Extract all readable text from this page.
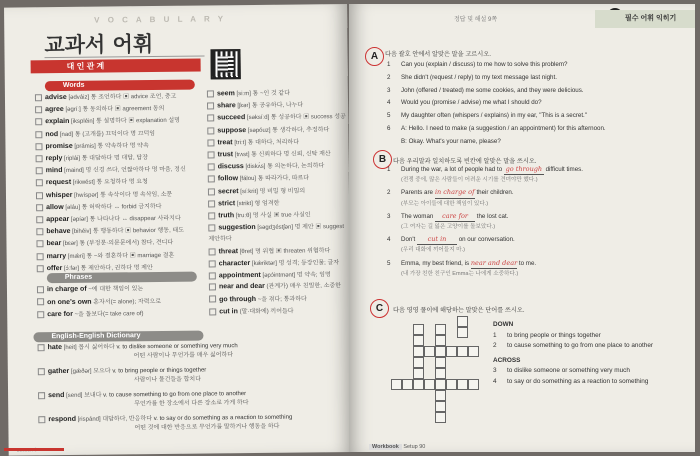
V O C A B U L A R Y
교과서 어휘
대 인 관 계
Words
advise [ədváiz] 통 조언하다 ▣ advice 조언, 충고
agree [əgríː] 통 동의하다 ▣ agreement 동의
explain [ikspléin] 통 설명하다 ▣ explanation 설명
nod [nad] 통 (고개를) 끄덕이다 명 끄덕임
promise [prámis] 통 약속하다 명 약속
reply [riplái] 통 대답하다 명 대답, 답장
mind [maind] 명 신경 쓰다, 언짢아하다 명 마음, 정신
request [rikwést] 통 요청하다 명 요청
whisper [hwíspər] 통 속삭이다 명 속삭임, 소문
allow [əláu] 통 허락하다 ↔ forbid 금지하다
appear [əpíər] 통 나타나다 ↔ disappear 사라지다
behave [bihéiv] 통 행동하다 ▣ behavior 행동, 태도
bear [bɛər] 통 (부정문·의문문에서) 참다, 견디다
marry [mǽri] 통 ~와 결혼하다 ▣ marriage 결혼
offer [ɔ́ːfər] 통 제안하다, 권하다 명 제안
seem [siːm] 통 ~인 것 같다
share [ʃɛər] 통 공유하다, 나누다
succeed [səksíːd] 통 성공하다 ▣ success 성공
suppose [səpóuz] 통 생각하다, 추정하다
treat [triːt] 통 대하다, 처리하다
trust [trʌst] 통 신뢰하다 명 신뢰, 신탁 재산
discuss [diskʌ́s] 통 의논하다, 논의하다
follow [fálou] 통 따라가다, 따르다
secret [síːkrit] 명 비밀 형 비밀의
strict [strikt] 형 엄격한
truth [truːθ] 명 사실 ▣ true 사실인
suggestion [səgdʒéstʃən] 명 제안 ▣ suggest 제안하다
threat [θret] 명 위협 ▣ threaten 위협하다
character [kǽriktər] 명 성격; 등장인물; 글자
appointment [əpɔ́intmənt] 명 약속; 임명
Phrases
in charge of ~에 대한 책임이 있는
on one's own 혼자서(= alone); 자력으로
care for ~을 돌보다(= take care of)
near and dear (관계가) 매우 친밀한, 소중한
go through ~을 겪다; 통과하다
cut in (말·대화에) 끼어들다
English-English Dictionary
hate [heit] 몹시 싫어하다 v. to dislike someone or something very much
어떤 사람이나 무언가를 매우 싫어하다
gather [gǽðər] 모으다 v. to bring people or things together
사람이나 물건들을 합치다
send [send] 보내다 v. to cause something to go from one place to another
무언가를 한 장소에서 다른 장소로 가게 하다
respond [rispánd] 대답하다, 반응하다 v. to say or do something as a reaction to something
어떤 것에 대한 반응으로 무언가를 말하거나 행동을 하다
정답 및 해설 9쪽	필수 어휘 익히기
A	다음 괄호 안에서 알맞은 말을 고르시오.
1 Can you (explain / discuss) to me how to solve this problem?
2 She didn't (request / reply) to my text message last night.
3 John (offered / treated) me some cookies, and they were delicious.
4 Would you (promise / advise) me what I should do?
5 My daughter often (whispers / explains) in my ear, "This is a secret."
6 A: Hello. I need to make (a suggestion / an appointment) for this afternoon.
B: Okay. What's your name, please?
B	다음 우리말과 일치하도록 빈칸에 알맞은 말을 쓰시오.
1 During the war, a lot of people had to go through difficult times.
(전쟁 중에, 많은 사람들이 어려운 시기를 견뎌야만 했다.)
2 Parents are in charge of their children.
(부모는 아이들에 대한 책임이 있다.)
3 The woman care for the lost cat.
(그 여자는 길 잃은 고양이를 돌보았다.)
4 Don't cut in on our conversation.
(우리 대화에 끼어들지 마.)
5 Emma, my best friend, is near and dear to me.
(내 가장 친한 친구인 Emma는 나에게 소중하다.)
C	다음 영영 풀이에 해당하는 말맞은 단어를 쓰시오.
DOWN
1 to bring people or things together
2 to cause something to go from one place to another
ACROSS
3 to dislike someone or something very much
4 to say or do something as a reaction to something
Workbook Setup 90
